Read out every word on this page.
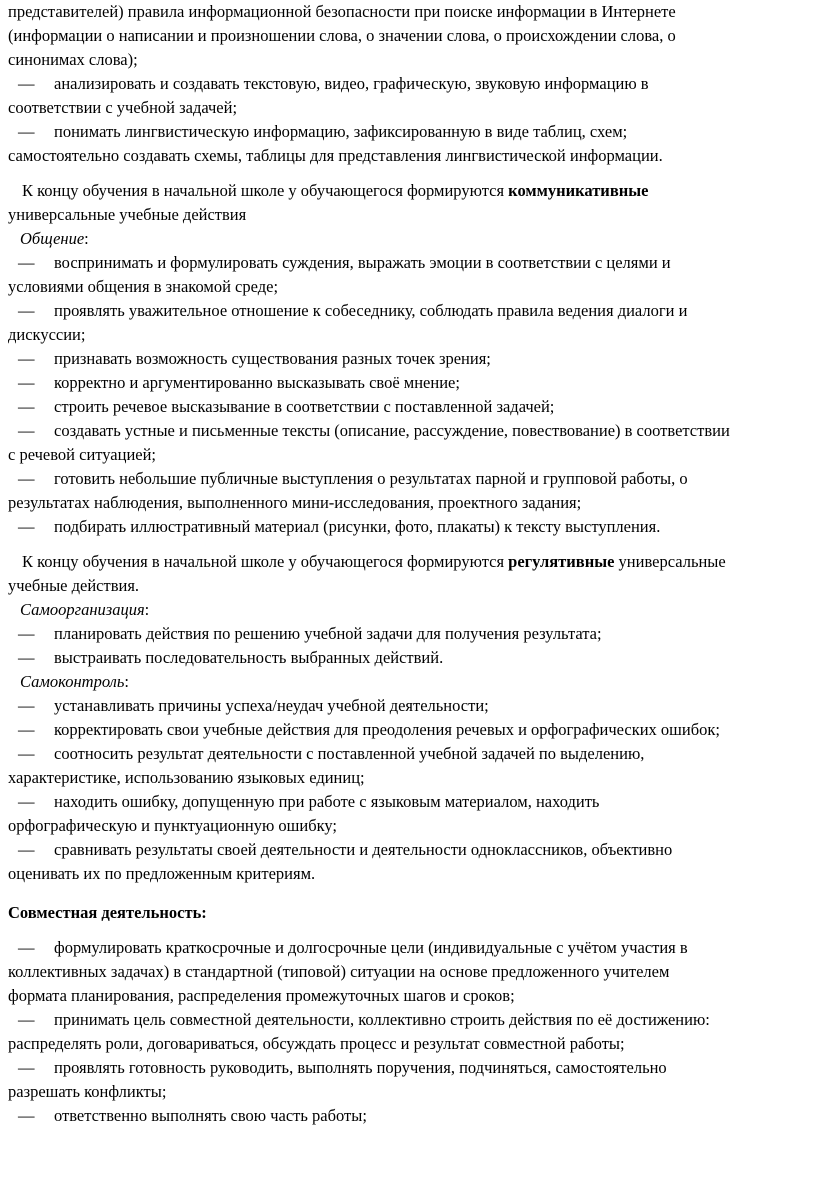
представителей) правила информационной безопасности при поиске информации в Интернете
(информации о написании и произношении слова, о значении слова, о происхождении слова, о
синонимах слова);
— анализировать и создавать текстовую, видео, графическую, звуковую информацию в
соответствии с учебной задачей;
— понимать лингвистическую информацию, зафиксированную в виде таблиц, схем;
самостоятельно создавать схемы, таблицы для представления лингвистической информации.
К концу обучения в начальной школе у обучающегося формируются коммуникативные
универсальные учебные действия
Общение:
— воспринимать и формулировать суждения, выражать эмоции в соответствии с целями и
условиями общения в знакомой среде;
— проявлять уважительное отношение к собеседнику, соблюдать правила ведения диалоги и
дискуссии;
— признавать возможность существования разных точек зрения;
— корректно и аргументированно высказывать своё мнение;
— строить речевое высказывание в соответствии с поставленной задачей;
— создавать устные и письменные тексты (описание, рассуждение, повествование) в соответствии
с речевой ситуацией;
— готовить небольшие публичные выступления о результатах парной и групповой работы, о
результатах наблюдения, выполненного мини-исследования, проектного задания;
— подбирать иллюстративный материал (рисунки, фото, плакаты) к тексту выступления.
К концу обучения в начальной школе у обучающегося формируются регулятивные универсальные
учебные действия.
Самоорганизация:
— планировать действия по решению учебной задачи для получения результата;
— выстраивать последовательность выбранных действий.
Самоконтроль:
— устанавливать причины успеха/неудач учебной деятельности;
— корректировать свои учебные действия для преодоления речевых и орфографических ошибок;
— соотносить результат деятельности с поставленной учебной задачей по выделению,
характеристике, использованию языковых единиц;
— находить ошибку, допущенную при работе с языковым материалом, находить
орфографическую и пунктуационную ошибку;
— сравнивать результаты своей деятельности и деятельности одноклассников, объективно
оценивать их по предложенным критериям.
Совместная деятельность:
— формулировать краткосрочные и долгосрочные цели (индивидуальные с учётом участия в
коллективных задачах) в стандартной (типовой) ситуации на основе предложенного учителем
формата планирования, распределения промежуточных шагов и сроков;
— принимать цель совместной деятельности, коллективно строить действия по её достижению:
распределять роли, договариваться, обсуждать процесс и результат совместной работы;
— проявлять готовность руководить, выполнять поручения, подчиняться, самостоятельно
разрешать конфликты;
— ответственно выполнять свою часть работы;
